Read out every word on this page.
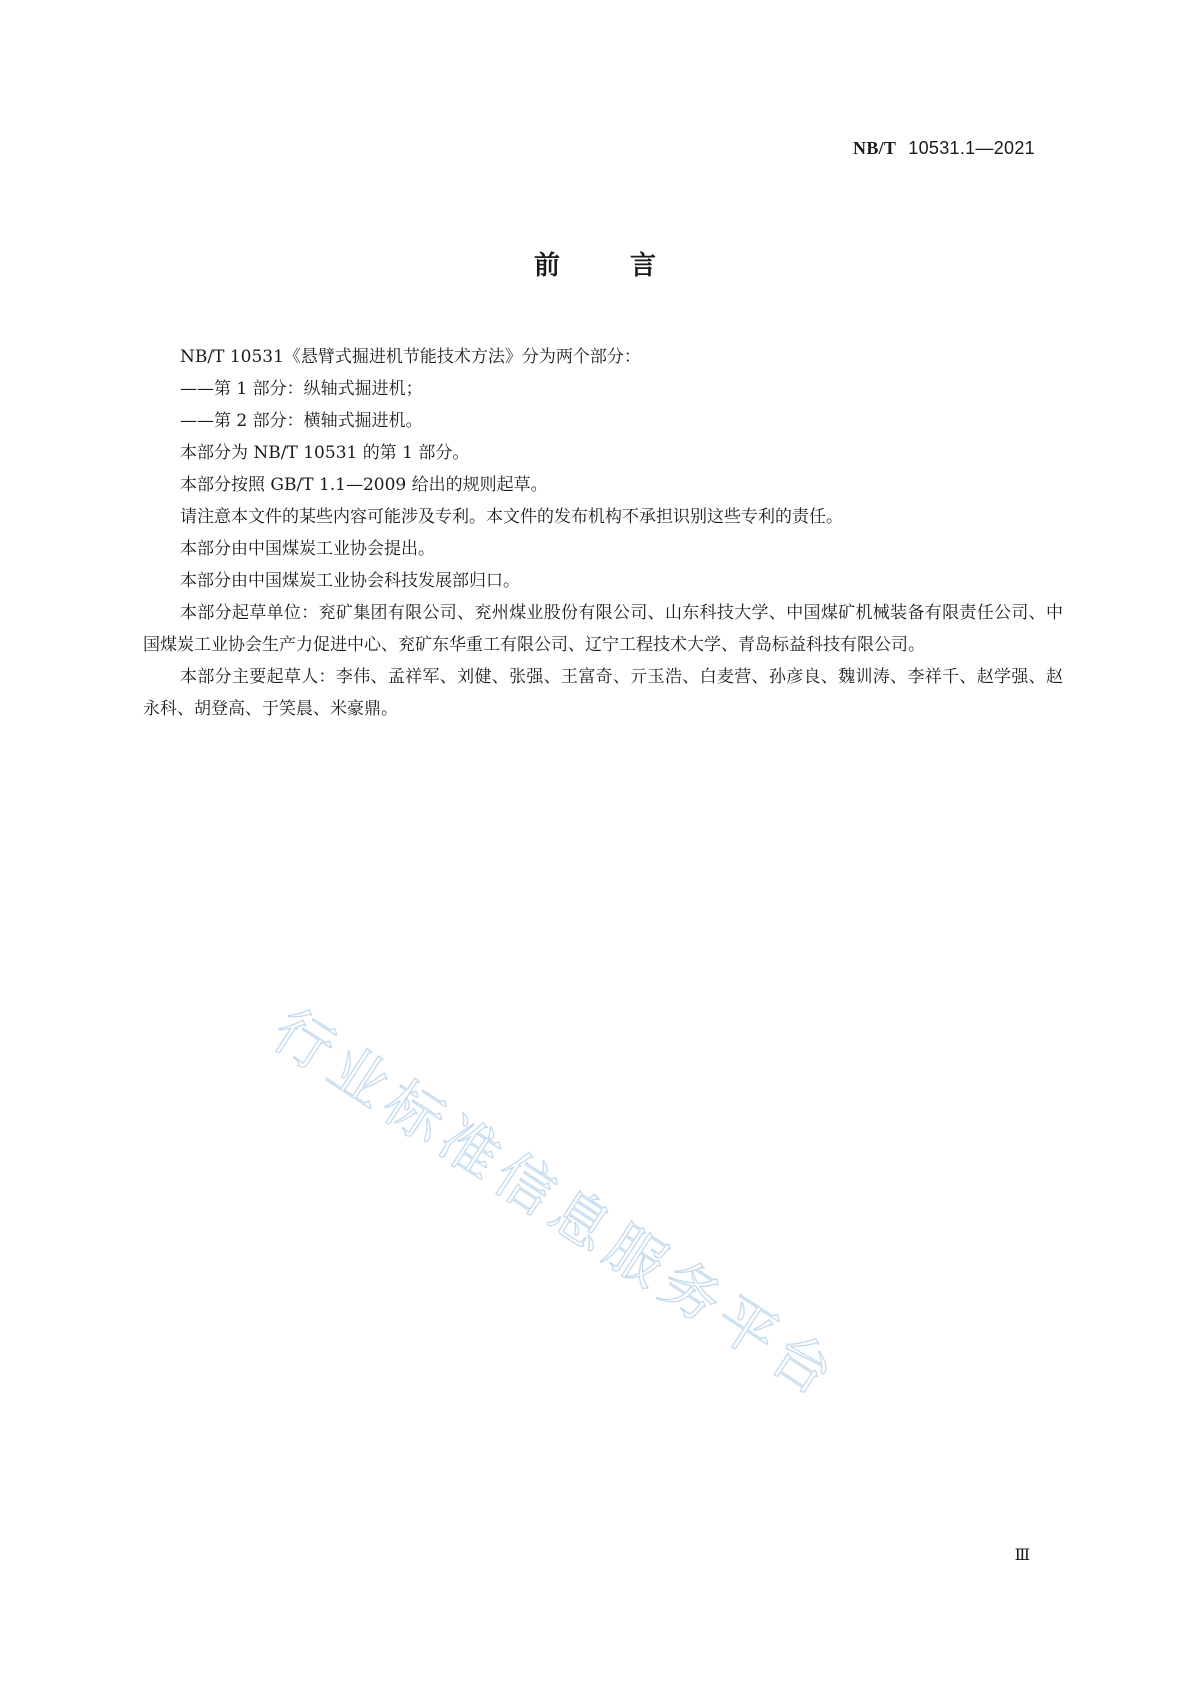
NB/T 10531.1—2021
前言

NB/T 10531《悬臂式掘进机节能技术方法》分为两个部分：

——第 1 部分：纵轴式掘进机；

——第 2 部分：横轴式掘进机。

本部分为 NB/T 10531 的第 1 部分。

本部分按照 GB/T 1.1—2009 给出的规则起草。

请注意本文件的某些内容可能涉及专利。本文件的发布机构不承担识别这些专利的责任。

本部分由中国煤炭工业协会提出。

本部分由中国煤炭工业协会科技发展部归口。

本部分起草单位：兖矿集团有限公司、兖州煤业股份有限公司、山东科技大学、中国煤矿机械装备有限责任公司、中国煤炭工业协会生产力促进中心、兖矿东华重工有限公司、辽宁工程技术大学、青岛标益科技有限公司。

本部分主要起草人：李伟、孟祥军、刘健、张强、王富奇、亓玉浩、白麦营、孙彦良、魏训涛、李祥千、赵学强、赵永科、胡登高、于笑晨、米豪鼎。

行业标准信息服务平台
Ⅲ
